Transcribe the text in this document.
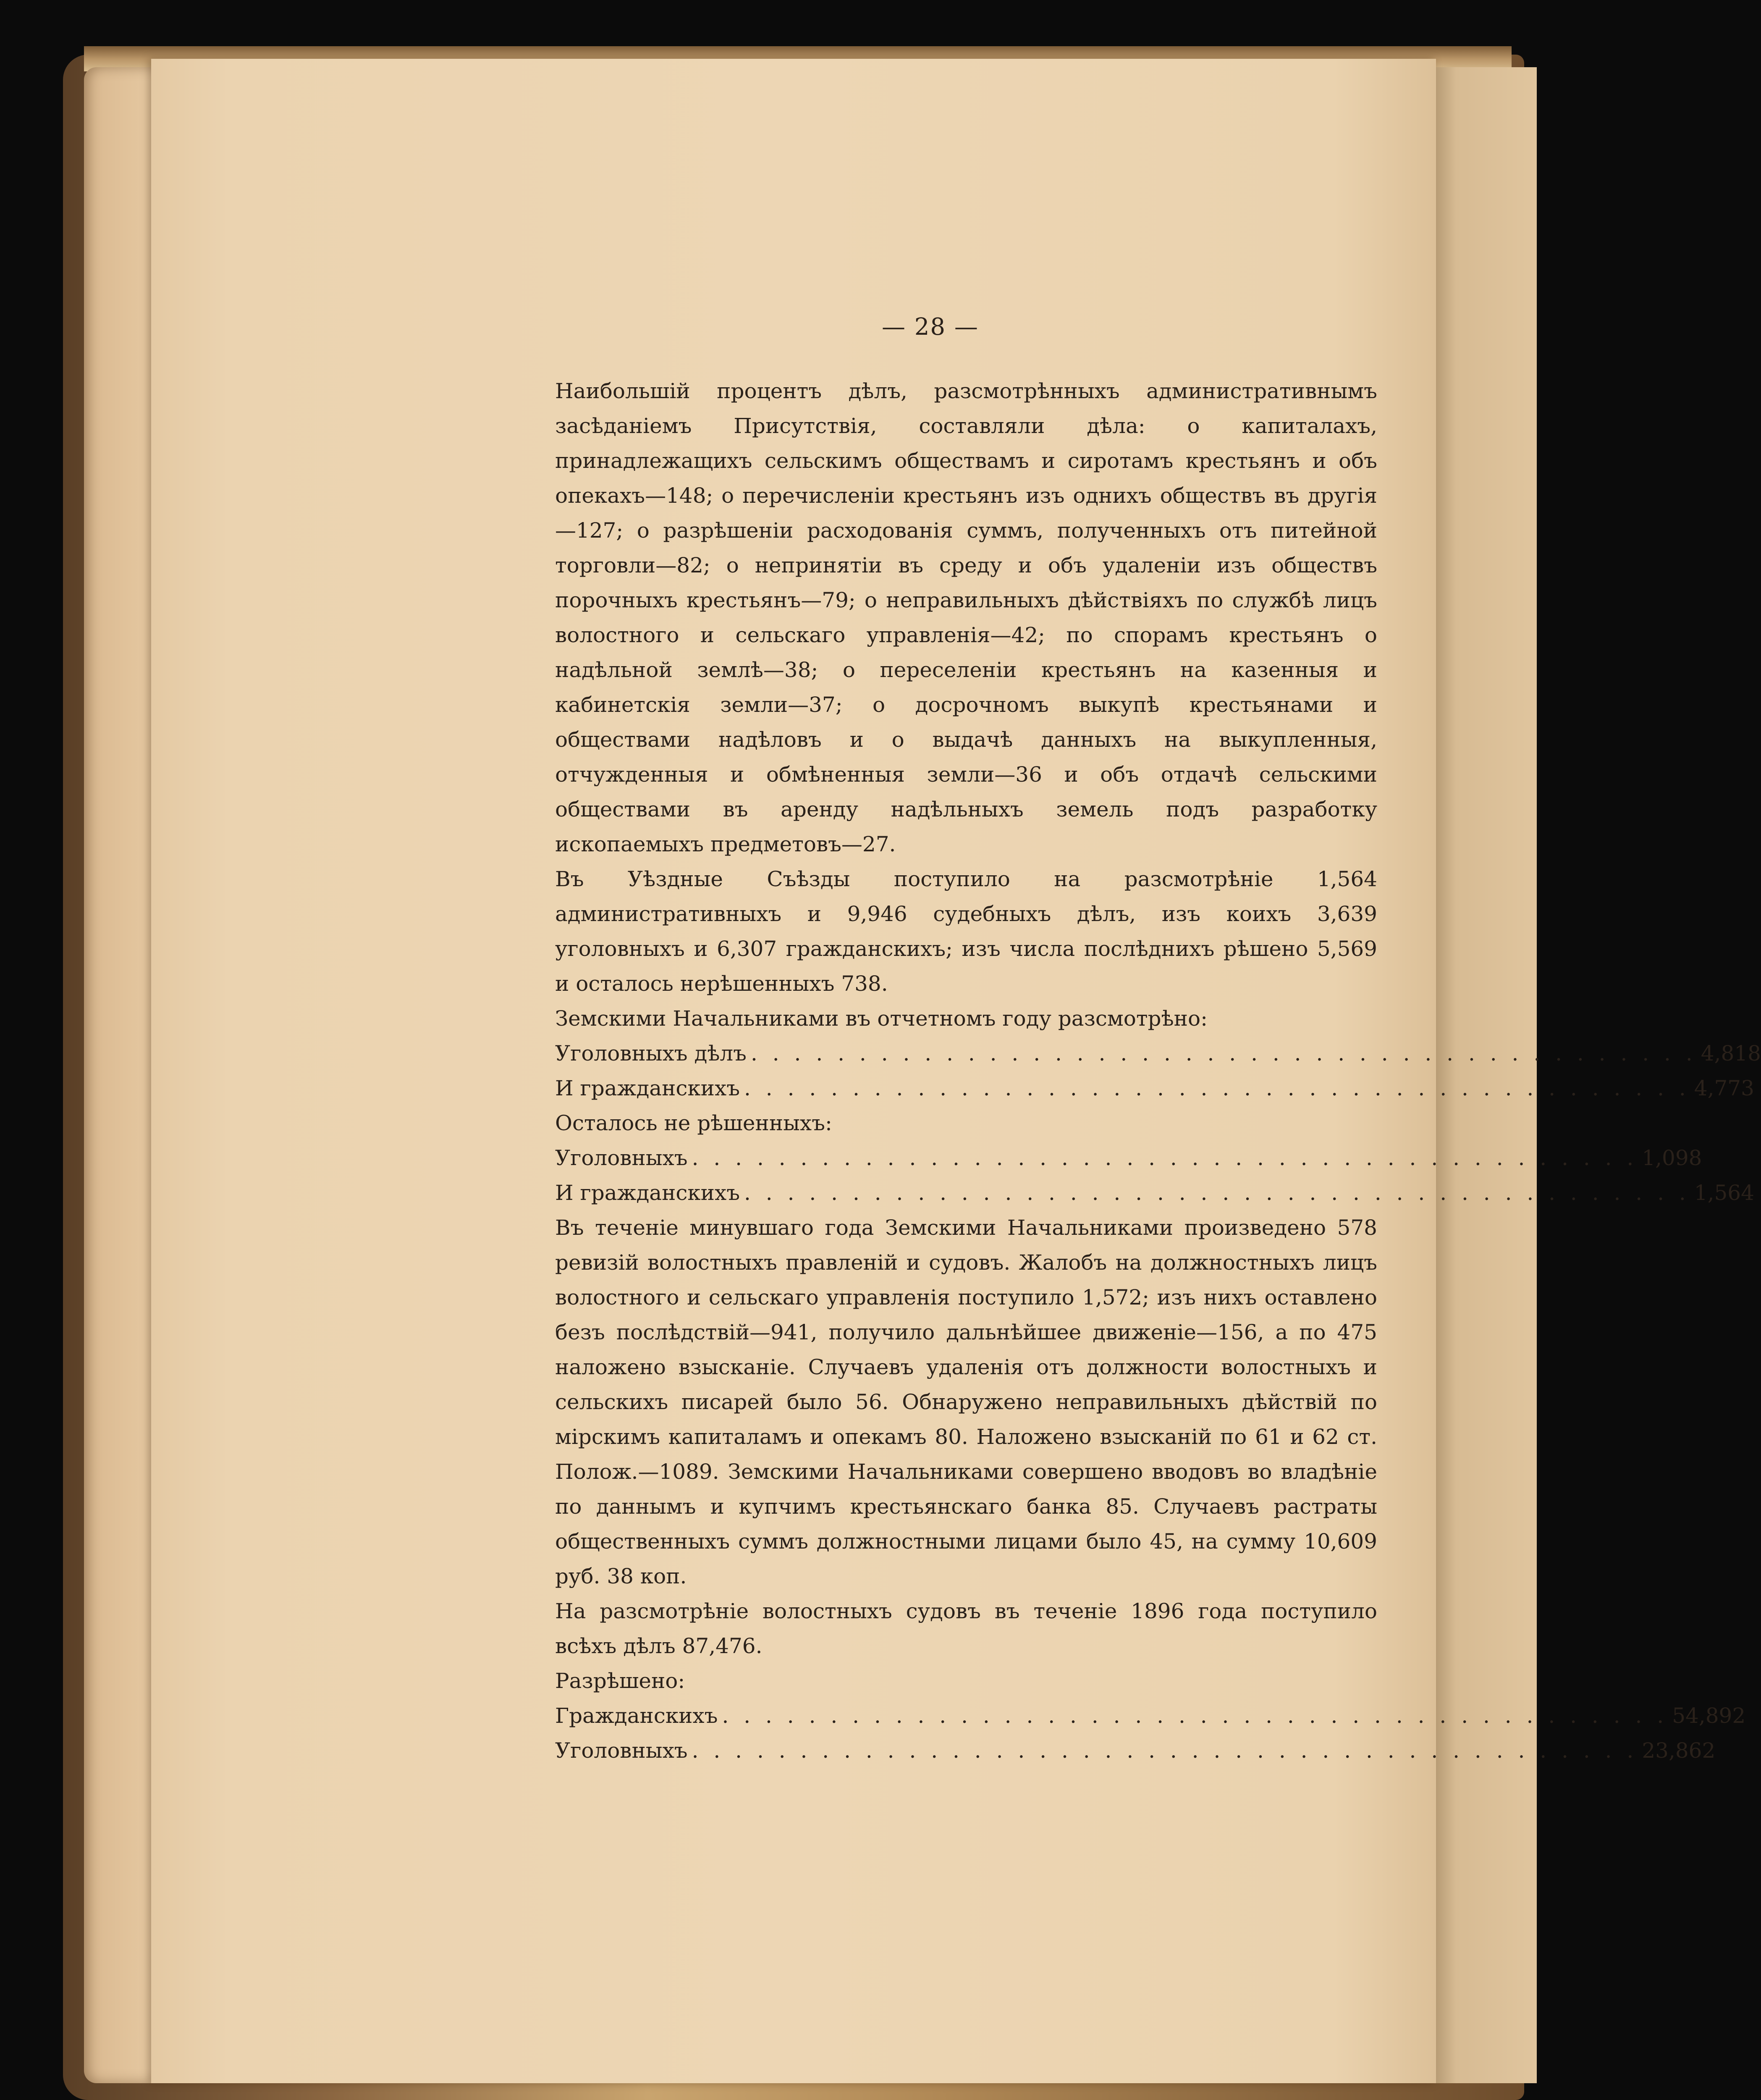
— 28 —

Наибольшій процентъ дѣлъ, разсмотрѣнныхъ административнымъ засѣданіемъ Присутствія, составляли дѣла: о капиталахъ, принадлежащихъ сельскимъ обществамъ и сиротамъ крестьянъ и объ опекахъ—148; о перечисленіи крестьянъ изъ однихъ обществъ въ другія—127; о разрѣшеніи расходованія суммъ, полученныхъ отъ питейной торговли—82; о непринятіи въ среду и объ удаленіи изъ обществъ порочныхъ крестьянъ—79; о неправильныхъ дѣйствіяхъ по службѣ лицъ волостного и сельскаго управленія—42; по спорамъ крестьянъ о надѣльной землѣ—38; о переселеніи крестьянъ на казенныя и кабинетскія земли—37; о досрочномъ выкупѣ крестьянами и обществами надѣловъ и о выдачѣ данныхъ на выкупленныя, отчужденныя и обмѣненныя земли—36 и объ отдачѣ сельскими обществами въ аренду надѣльныхъ земель подъ разработку ископаемыхъ предметовъ—27.

Въ Уѣздные Съѣзды поступило на разсмотрѣніе 1,564 административныхъ и 9,946 судебныхъ дѣлъ, изъ коихъ 3,639 уголовныхъ и 6,307 гражданскихъ; изъ числа послѣднихъ рѣшено 5,569 и осталось нерѣшенныхъ 738.

Земскими Начальниками въ отчетномъ году разсмотрѣно:

Уголовныхъ дѣлъ . . . . . . . . . . . . . . . . . . . . . . . . . . . . . . . . . . . . . . . . . . . . 4,818
И гражданскихъ . . . . . . . . . . . . . . . . . . . . . . . . . . . . . . . . . . . . . . . . . . . . 4,773

Осталось не рѣшенныхъ:

Уголовныхъ . . . . . . . . . . . . . . . . . . . . . . . . . . . . . . . . . . . . . . . . . . . . 1,098
И гражданскихъ . . . . . . . . . . . . . . . . . . . . . . . . . . . . . . . . . . . . . . . . . . . . 1,564

Въ теченіе минувшаго года Земскими Начальниками произведено 578 ревизій волостныхъ правленій и судовъ. Жалобъ на должностныхъ лицъ волостного и сельскаго управленія поступило 1,572; изъ нихъ оставлено безъ послѣдствій—941, получило дальнѣйшее движеніе—156, а по 475 наложено взысканіе. Случаевъ удаленія отъ должности волостныхъ и сельскихъ писарей было 56. Обнаружено неправильныхъ дѣйствій по мірскимъ капиталамъ и опекамъ 80. Наложено взысканій по 61 и 62 ст. Полож.—1089. Земскими Начальниками совершено вводовъ во владѣніе по даннымъ и купчимъ крестьянскаго банка 85. Случаевъ растраты общественныхъ суммъ должностными лицами было 45, на сумму 10,609 руб. 38 коп.

На разсмотрѣніе волостныхъ судовъ въ теченіе 1896 года поступило всѣхъ дѣлъ 87,476.

Разрѣшено:

Гражданскихъ . . . . . . . . . . . . . . . . . . . . . . . . . . . . . . . . . . . . . . . . . . . . 54,892
Уголовныхъ . . . . . . . . . . . . . . . . . . . . . . . . . . . . . . . . . . . . . . . . . . . . 23,862
